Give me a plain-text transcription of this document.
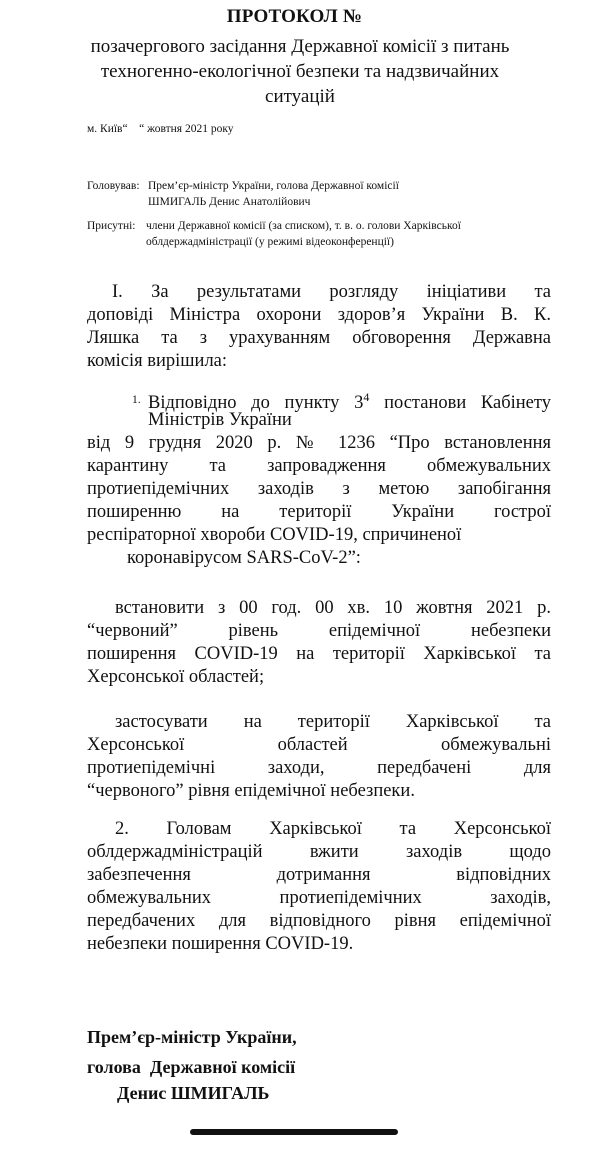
ПРОТОКОЛ №
позачергового засідання Державної комісії з питань
техногенно-екологічної безпеки та надзвичайних
ситуацій
м. Київ“    “ жовтня 2021 року
Головував: Прем’єр-міністр України, голова Державної комісії
ШМИГАЛЬ Денис Анатолійович
Присутні: члени Державної комісії (за списком), т. в. о. голови Харківської
облдержадміністрації (у режимі відеоконференції)
I. За результатами розгляду ініціативи та
доповіді Міністра охорони здоров’я України В. К.
Ляшка та з урахуванням обговорення Державна
комісія вирішила:
1. Відповідно до пункту $3^4$ постанови Кабінету
Міністрів України
від 9 грудня 2020 р. № 1236 “Про встановлення
карантину та запровадження обмежувальних
протиепідемічних заходів з метою запобігання
поширенню на території України гострої
респіраторної хвороби COVID-19, спричиненої
коронавірусом SARS-CoV-2”:
встановити з 00 год. 00 хв. 10 жовтня 2021 р.
“червоний” рівень епідемічної небезпеки
поширення COVID-19 на території Харківської та
Херсонської областей;
застосувати на території Харківської та
Херсонської областей обмежувальні
протиепідемічні заходи, передбачені для
“червоного” рівня епідемічної небезпеки.
2. Головам Харківської та Херсонської
облдержадміністрацій вжити заходів щодо
забезпечення дотримання відповідних
обмежувальних протиепідемічних заходів,
передбачених для відповідного рівня епідемічної
небезпеки поширення COVID-19.
Прем’єр-міністр України,
голова  Державної комісії
Денис ШМИГАЛЬ
